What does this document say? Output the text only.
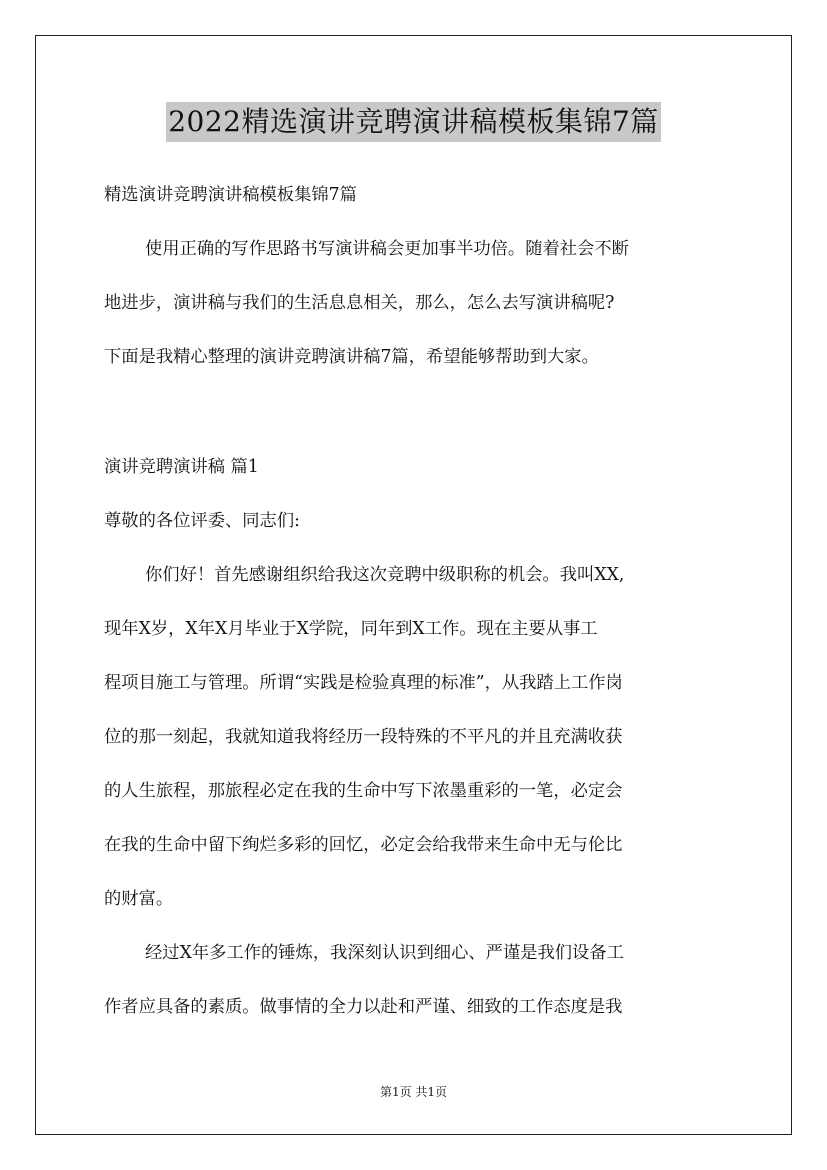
2022精选演讲竞聘演讲稿模板集锦7篇

精选演讲竞聘演讲稿模板集锦7篇

使用正确的写作思路书写演讲稿会更加事半功倍。随着社会不断

地进步，演讲稿与我们的生活息息相关，那么，怎么去写演讲稿呢?

下面是我精心整理的演讲竞聘演讲稿7篇，希望能够帮助到大家。

演讲竞聘演讲稿 篇1

尊敬的各位评委、同志们:

你们好！首先感谢组织给我这次竞聘中级职称的机会。我叫XX,

现年X岁，X年X月毕业于X学院，同年到X工作。现在主要从事工

程项目施工与管理。所谓“实践是检验真理的标准”，从我踏上工作岗

位的那一刻起，我就知道我将经历一段特殊的不平凡的并且充满收获

的人生旅程，那旅程必定在我的生命中写下浓墨重彩的一笔，必定会

在我的生命中留下绚烂多彩的回忆，必定会给我带来生命中无与伦比

的财富。

经过X年多工作的锤炼，我深刻认识到细心、严谨是我们设备工

作者应具备的素质。做事情的全力以赴和严谨、细致的工作态度是我

第1页 共1页
